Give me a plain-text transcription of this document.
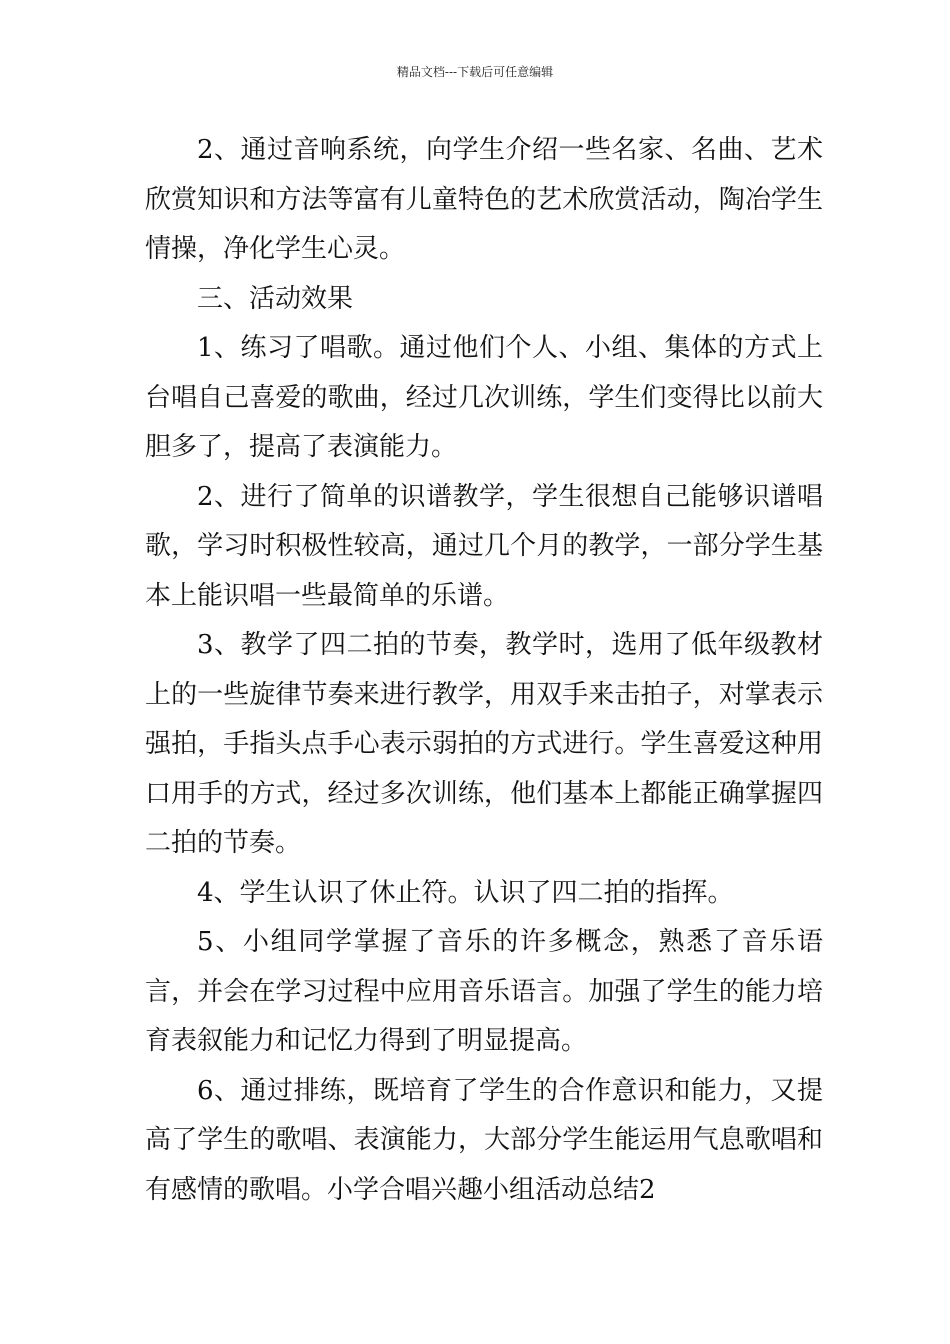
精品文档---下载后可任意编辑

2、通过音响系统，向学生介绍一些名家、名曲、艺术欣赏知识和方法等富有儿童特色的艺术欣赏活动，陶冶学生情操，净化学生心灵。

三、活动效果

1、练习了唱歌。通过他们个人、小组、集体的方式上台唱自己喜爱的歌曲，经过几次训练，学生们变得比以前大胆多了，提高了表演能力。

2、进行了简单的识谱教学，学生很想自己能够识谱唱歌，学习时积极性较高，通过几个月的教学，一部分学生基本上能识唱一些最简单的乐谱。

3、教学了四二拍的节奏，教学时，选用了低年级教材上的一些旋律节奏来进行教学，用双手来击拍子，对掌表示强拍，手指头点手心表示弱拍的方式进行。学生喜爱这种用口用手的方式，经过多次训练，他们基本上都能正确掌握四二拍的节奏。

4、学生认识了休止符。认识了四二拍的指挥。

5、小组同学掌握了音乐的许多概念，熟悉了音乐语言，并会在学习过程中应用音乐语言。加强了学生的能力培育表叙能力和记忆力得到了明显提高。

6、通过排练，既培育了学生的合作意识和能力，又提高了学生的歌唱、表演能力，大部分学生能运用气息歌唱和有感情的歌唱。小学合唱兴趣小组活动总结2
